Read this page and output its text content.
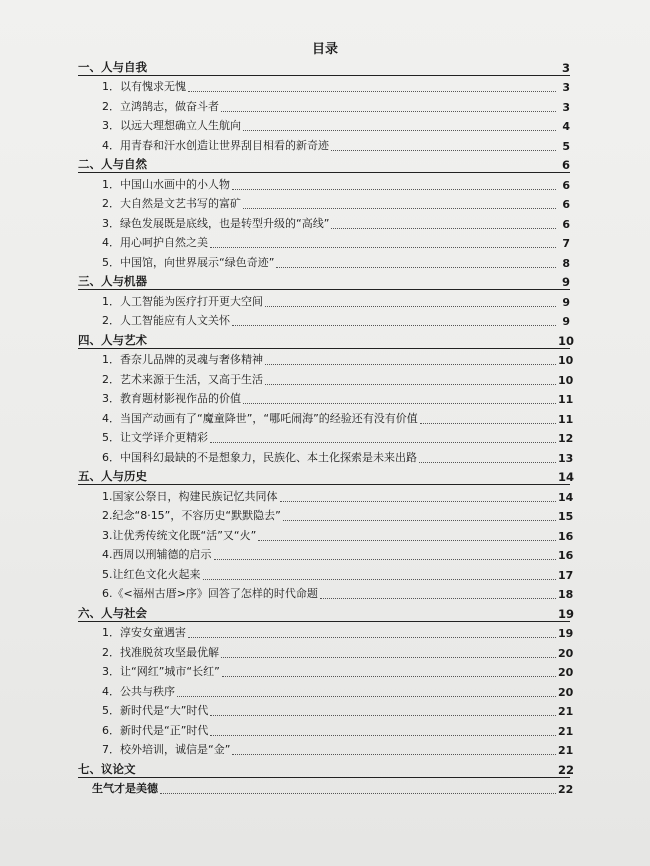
目录
一、人与自我	3
1．以有愧求无愧	3
2．立鸿鹄志，做奋斗者	3
3．以远大理想确立人生航向	4
4．用青春和汗水创造让世界刮目相看的新奇迹	5
二、人与自然	6
1．中国山水画中的小人物	6
2．大自然是文艺书写的富矿	6
3．绿色发展既是底线，也是转型升级的“高线”	6
4．用心呵护自然之美	7
5．中国馆，向世界展示“绿色奇迹”	8
三、人与机器	9
1．人工智能为医疗打开更大空间	9
2．人工智能应有人文关怀	9
四、人与艺术	10
1．香奈儿品牌的灵魂与奢侈精神	10
2．艺术来源于生活，又高于生活	10
3．教育题材影视作品的价值	11
4．当国产动画有了“魔童降世”，“哪吒闹海”的经验还有没有价值	11
5．让文学译介更精彩	12
6．中国科幻最缺的不是想象力，民族化、本土化探索是未来出路	13
五、人与历史	14
1.国家公祭日，构建民族记忆共同体	14
2.纪念“8·15”，不容历史“默默隐去”	15
3.让优秀传统文化既“活”又“火”	16
4.西周以刑辅德的启示	16
5.让红色文化火起来	17
6.《<福州古厝>序》回答了怎样的时代命题	18
六、人与社会	19
1．淳安女童遇害	19
2．找准脱贫攻坚最优解	20
3．让“网红”城市“长红”	20
4．公共与秩序	20
5．新时代是“大”时代	21
6．新时代是“正”时代	21
7．校外培训，诚信是“金”	21
七、议论文	22
生气才是美德	22
